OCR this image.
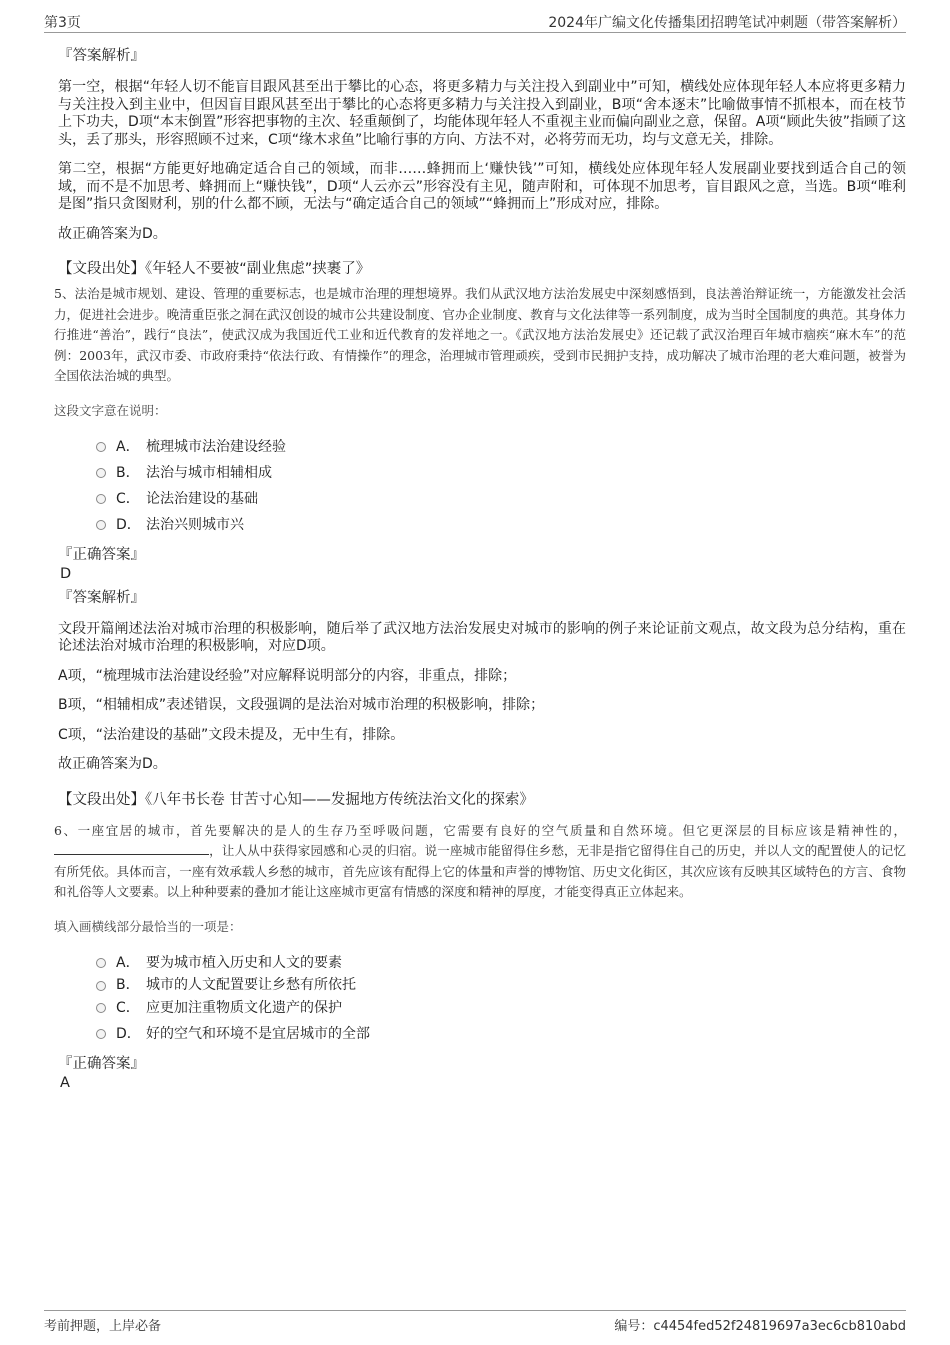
第3页	2024年广编文化传播集团招聘笔试冲刺题（带答案解析）
『答案解析』
第一空，根据“年轻人切不能盲目跟风甚至出于攀比的心态，将更多精力与关注投入到副业中”可知，横线处应体现年轻人本应将更多精力与关注投入到主业中，但因盲目跟风甚至出于攀比的心态将更多精力与关注投入到副业，B项“舍本逐末”比喻做事情不抓根本，而在枝节上下功夫，D项“本末倒置”形容把事物的主次、轻重颠倒了，均能体现年轻人不重视主业而偏向副业之意，保留。A项“顾此失彼”指顾了这头，丢了那头，形容照顾不过来，C项“缘木求鱼”比喻行事的方向、方法不对，必将劳而无功，均与文意无关，排除。
第二空，根据“方能更好地确定适合自己的领域，而非……蜂拥而上‘赚快钱’”可知，横线处应体现年轻人发展副业要找到适合自己的领域，而不是不加思考、蜂拥而上“赚快钱”，D项“人云亦云”形容没有主见，随声附和，可体现不加思考，盲目跟风之意，当选。B项“唯利是图”指只贪图财利，别的什么都不顾，无法与“确定适合自己的领域”“蜂拥而上”形成对应，排除。
故正确答案为D。
【文段出处】《年轻人不要被“副业焦虑”挟裹了》
5、法治是城市规划、建设、管理的重要标志，也是城市治理的理想境界。我们从武汉地方法治发展史中深刻感悟到，良法善治辩证统一，方能激发社会活力，促进社会进步。晚清重臣张之洞在武汉创设的城市公共建设制度、官办企业制度、教育与文化法律等一系列制度，成为当时全国制度的典范。其身体力行推进“善治”，践行“良法”，使武汉成为我国近代工业和近代教育的发祥地之一。《武汉地方法治发展史》还记载了武汉治理百年城市痼疾“麻木车”的范例：2003年，武汉市委、市政府秉持“依法行政、有情操作”的理念，治理城市管理顽疾，受到市民拥护支持，成功解决了城市治理的老大难问题，被誉为全国依法治城的典型。
这段文字意在说明：
A． 梳理城市法治建设经验
B． 法治与城市相辅相成
C． 论法治建设的基础
D． 法治兴则城市兴
『正确答案』
D
『答案解析』
文段开篇阐述法治对城市治理的积极影响，随后举了武汉地方法治发展史对城市的影响的例子来论证前文观点，故文段为总分结构，重在论述法治对城市治理的积极影响，对应D项。
A项，“梳理城市法治建设经验”对应解释说明部分的内容，非重点，排除；
B项，“相辅相成”表述错误，文段强调的是法治对城市治理的积极影响，排除；
C项，“法治建设的基础”文段未提及，无中生有，排除。
故正确答案为D。
【文段出处】《八年书长卷 甘苦寸心知——发掘地方传统法治文化的探索》
6、一座宜居的城市，首先要解决的是人的生存乃至呼吸问题，它需要有良好的空气质量和自然环境。但它更深层的目标应该是精神性的，，让人从中获得家园感和心灵的归宿。说一座城市能留得住乡愁，无非是指它留得住自己的历史，并以人文的配置使人的记忆有所凭依。具体而言，一座有效承载人乡愁的城市，首先应该有配得上它的体量和声誉的博物馆、历史文化街区，其次应该有反映其区域特色的方言、食物和礼俗等人文要素。以上种种要素的叠加才能让这座城市更富有情感的深度和精神的厚度，才能变得真正立体起来。
填入画横线部分最恰当的一项是：
A． 要为城市植入历史和人文的要素
B． 城市的人文配置要让乡愁有所依托
C． 应更加注重物质文化遗产的保护
D． 好的空气和环境不是宜居城市的全部
『正确答案』
A
考前押题，上岸必备	编号：c4454fed52f24819697a3ec6cb810abd
